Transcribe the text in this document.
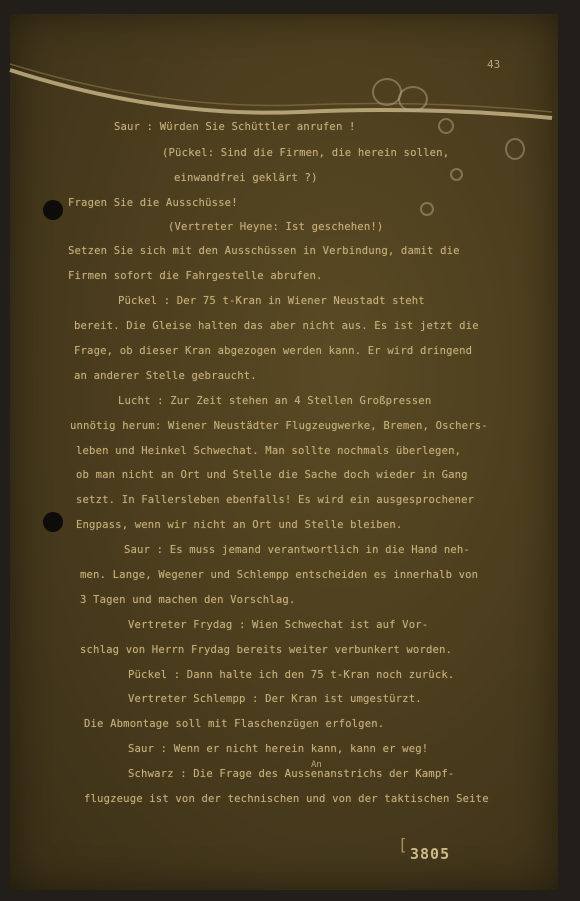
43
Saur : Würden Sie Schüttler anrufen !
(Pückel: Sind die Firmen, die herein sollen,
einwandfrei geklärt ?)
Fragen Sie die Ausschüsse!
(Vertreter Heyne: Ist geschehen!)
Setzen Sie sich mit den Ausschüssen in Verbindung, damit die
Firmen sofort die Fahrgestelle abrufen.
Pückel : Der 75 t-Kran in Wiener Neustadt steht
bereit. Die Gleise halten das aber nicht aus. Es ist jetzt die
Frage, ob dieser Kran abgezogen werden kann. Er wird dringend
an anderer Stelle gebraucht.
Lucht : Zur Zeit stehen an 4 Stellen Großpressen
unnötig herum: Wiener Neustädter Flugzeugwerke, Bremen, Oschers-
leben und Heinkel Schwechat. Man sollte nochmals überlegen,
ob man nicht an Ort und Stelle die Sache doch wieder in Gang
setzt. In Fallersleben ebenfalls! Es wird ein ausgesprochener
Engpass, wenn wir nicht an Ort und Stelle bleiben.
Saur : Es muss jemand verantwortlich in die Hand neh-
men. Lange, Wegener und Schlempp entscheiden es innerhalb von
3 Tagen und machen den Vorschlag.
Vertreter Frydag : Wien Schwechat ist auf Vor-
schlag von Herrn Frydag bereits weiter verbunkert worden.
Pückel : Dann halte ich den 75 t-Kran noch zurück.
Vertreter Schlempp : Der Kran ist umgestürzt.
Die Abmontage soll mit Flaschenzügen erfolgen.
Saur : Wenn er nicht herein kann, kann er weg!
Schwarz : Die Frage des Aussenanstrichs der Kampf-
flugzeuge ist von der technischen und von der taktischen Seite
An
[ 3805
